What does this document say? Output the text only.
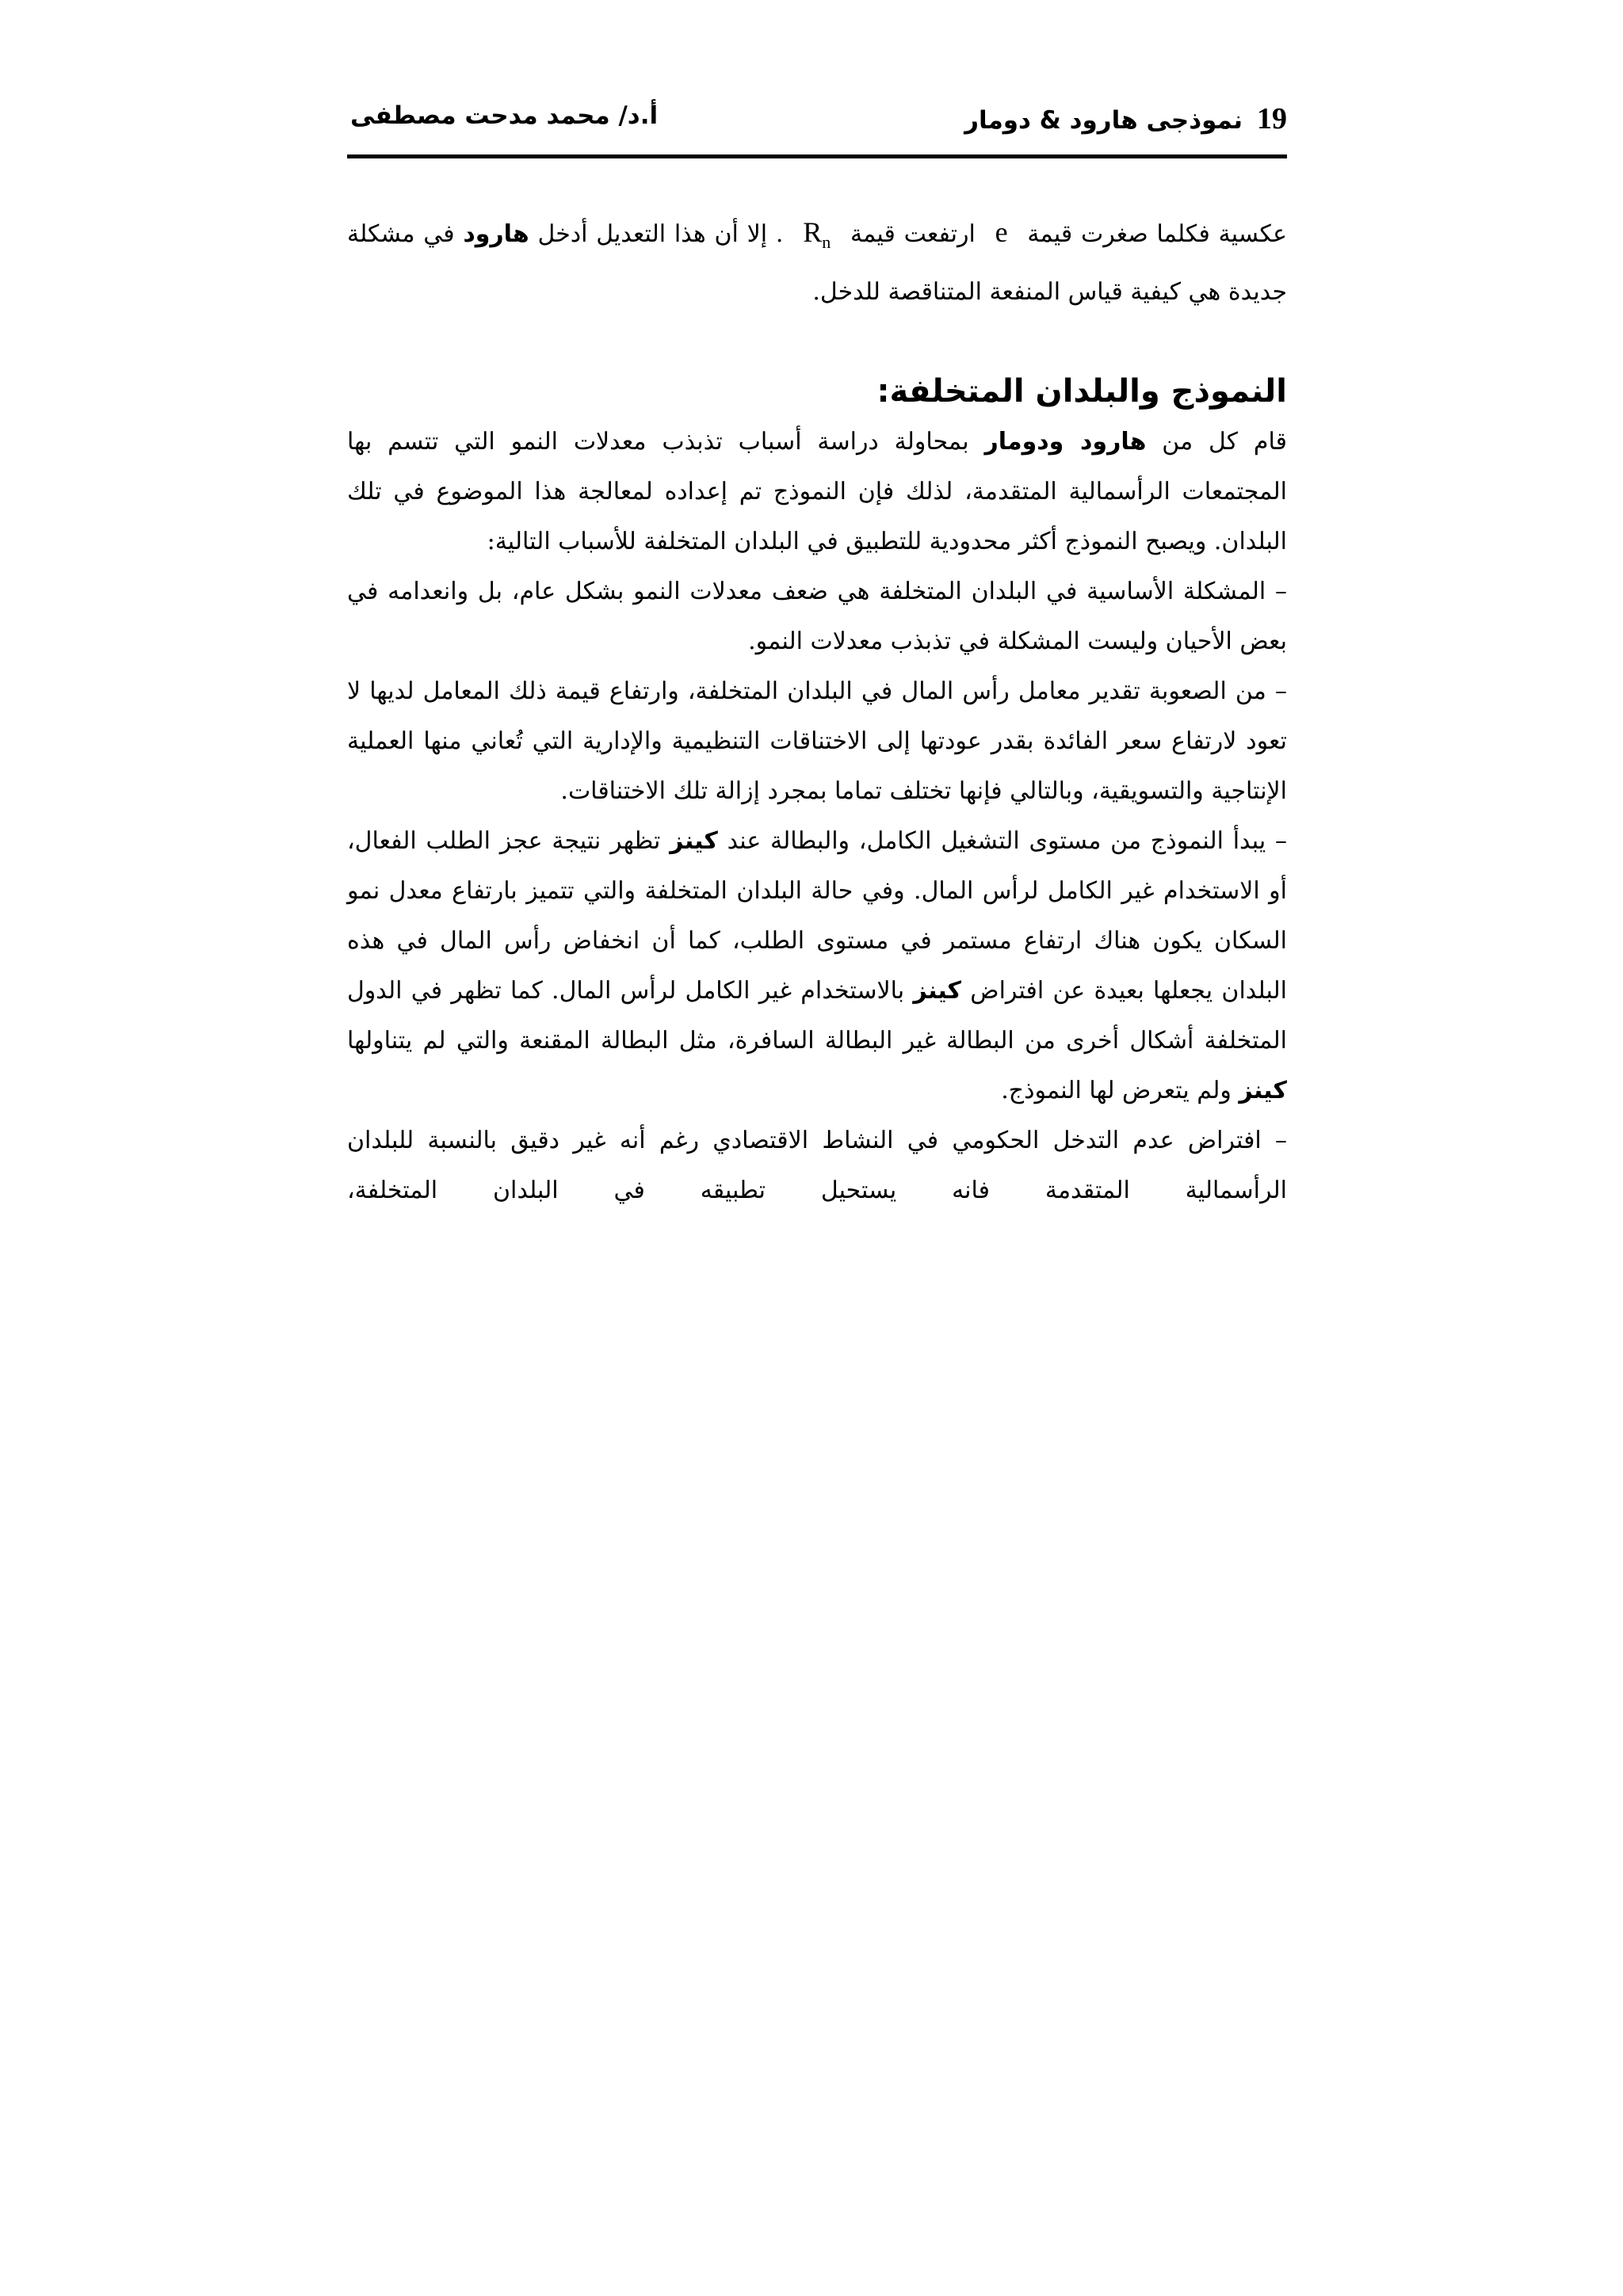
19نموذجى هارود & دومار
أ.د/ محمد مدحت مصطفى

عكسية فكلما صغرت قيمة e ارتفعت قيمة $R_n$ . إلا أن هذا التعديل أدخل هارود في مشكلة جديدة هي كيفية قياس المنفعة المتناقصة للدخل.

النموذج والبلدان المتخلفة:

قام كل من هارود ودومار بمحاولة دراسة أسباب تذبذب معدلات النمو التي تتسم بها المجتمعات الرأسمالية المتقدمة، لذلك فإن النموذج تم إعداده لمعالجة هذا الموضوع في تلك البلدان. ويصبح النموذج أكثر محدودية للتطبيق في البلدان المتخلفة للأسباب التالية:

– المشكلة الأساسية في البلدان المتخلفة هي ضعف معدلات النمو بشكل عام، بل وانعدامه في بعض الأحيان وليست المشكلة في تذبذب معدلات النمو.

– من الصعوبة تقدير معامل رأس المال في البلدان المتخلفة، وارتفاع قيمة ذلك المعامل لديها لا تعود لارتفاع سعر الفائدة بقدر عودتها إلى الاختناقات التنظيمية والإدارية التي تُعاني منها العملية الإنتاجية والتسويقية، وبالتالي فإنها تختلف تماما بمجرد إزالة تلك الاختناقات.

– يبدأ النموذج من مستوى التشغيل الكامل، والبطالة عند كينز تظهر نتيجة عجز الطلب الفعال، أو الاستخدام غير الكامل لرأس المال. وفي حالة البلدان المتخلفة والتي تتميز بارتفاع معدل نمو السكان يكون هناك ارتفاع مستمر في مستوى الطلب، كما أن انخفاض رأس المال في هذه البلدان يجعلها بعيدة عن افتراض كينز بالاستخدام غير الكامل لرأس المال. كما تظهر في الدول المتخلفة أشكال أخرى من البطالة غير البطالة السافرة، مثل البطالة المقنعة والتي لم يتناولها كينز ولم يتعرض لها النموذج.

– افتراض عدم التدخل الحكومي في النشاط الاقتصادي رغم أنه غير دقيق بالنسبة للبلدان الرأسمالية المتقدمة فانه يستحيل تطبيقه في البلدان المتخلفة،
